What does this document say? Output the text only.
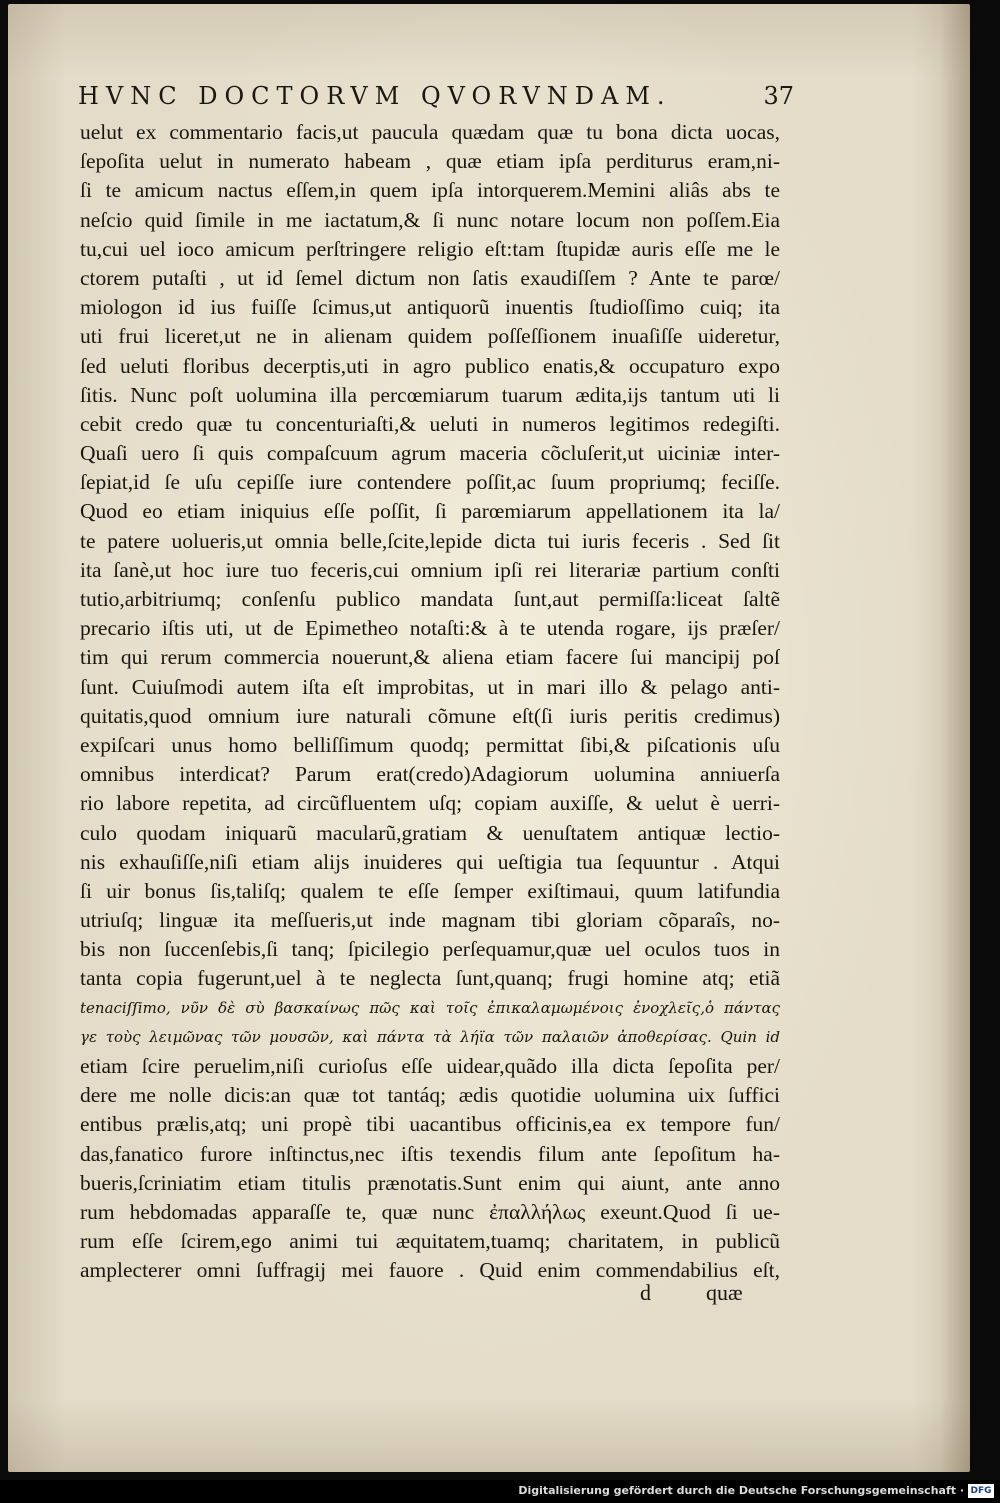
HVNC DOCTORVM QVORVNDAM.	37
uelut ex commentario facis,ut paucula quædam quæ tu bona dicta uocas,
ſepoſita uelut in numerato habeam , quæ etiam ipſa perditurus eram,ni-
ſi te amicum nactus eſſem,in quem ipſa intorquerem.Memini aliâs abs te
neſcio quid ſimile in me iactatum,& ſi nunc notare locum non poſſem.Eia
tu,cui uel ioco amicum perſtringere religio eſt:tam ſtupidæ auris eſſe me le
ctorem putaſti , ut id ſemel dictum non ſatis exaudiſſem ? Ante te parœ/
miologon id ius fuiſſe ſcimus,ut antiquorũ inuentis ſtudioſſimo cuiq; ita
uti frui liceret,ut ne in alienam quidem poſſeſſionem inuaſiſſe uideretur,
ſed ueluti floribus decerptis,uti in agro publico enatis,& occupaturo expo
ſitis. Nunc poſt uolumina illa percœmiarum tuarum ædita,ijs tantum uti li
cebit credo quæ tu concenturiaſti,& ueluti in numeros legitimos redegiſti.
Quaſi uero ſi quis compaſcuum agrum maceria cõcluſerit,ut uiciniæ inter-
ſepiat,id ſe uſu cepiſſe iure contendere poſſit,ac ſuum propriumq; feciſſe.
Quod eo etiam iniquius eſſe poſſit, ſi parœmiarum appellationem ita la/
te patere uolueris,ut omnia belle,ſcite,lepide dicta tui iuris feceris . Sed ſit
ita ſanè,ut hoc iure tuo feceris,cui omnium ipſi rei literariæ partium conſti
tutio,arbitriumq; conſenſu publico mandata ſunt,aut permiſſa:liceat ſaltẽ
precario iſtis uti, ut de Epimetheo notaſti:& à te utenda rogare, ijs præſer/
tim qui rerum commercia nouerunt,& aliena etiam facere ſui mancipij poſ
ſunt. Cuiuſmodi autem iſta eſt improbitas, ut in mari illo & pelago anti-
quitatis,quod omnium iure naturali cõmune eſt(ſi iuris peritis credimus)
expiſcari unus homo belliſſimum quodq; permittat ſibi,& piſcationis uſu
omnibus interdicat? Parum erat(credo)Adagiorum uolumina anniuerſa
rio labore repetita, ad circũfluentem uſq; copiam auxiſſe, & uelut è uerri-
culo quodam iniquarũ macularũ,gratiam & uenuſtatem antiquæ lectio-
nis exhauſiſſe,niſi etiam alijs inuideres qui ueſtigia tua ſequuntur . Atqui
ſi uir bonus ſis,taliſq; qualem te eſſe ſemper exiſtimaui, quum latifundia
utriuſq; linguæ ita meſſueris,ut inde magnam tibi gloriam cõparaîs, no-
bis non ſuccenſebis,ſi tanq; ſpicilegio perſequamur,quæ uel oculos tuos in
tanta copia fugerunt,uel à te neglecta ſunt,quanq; frugi homine atq; etiã
tenaciſſimo, νῦν δὲ σὺ βασκαίνως πῶς καὶ τοῖς ἐπικαλαμωμένοις ἐνοχλεῖς,ὁ πάντας
γε τοὺς λειμῶνας τῶν μουσῶν, καὶ πάντα τὰ λήϊα τῶν παλαιῶν ἀποθερίσας. Quin id
etiam ſcire peruelim,niſi curioſus eſſe uidear,quãdo illa dicta ſepoſita per/
dere me nolle dicis:an quæ tot tantáq; ædis quotidie uolumina uix ſuffici
entibus prælis,atq; uni propè tibi uacantibus officinis,ea ex tempore fun/
das,fanatico furore inſtinctus,nec iſtis texendis filum ante ſepoſitum ha-
bueris,ſcriniatim etiam titulis prænotatis.Sunt enim qui aiunt, ante anno
rum hebdomadas apparaſſe te, quæ nunc ἐπαλλήλως exeunt.Quod ſi ue-
rum eſſe ſcirem,ego animi tui æquitatem,tuamq; charitatem, in publicũ
amplecterer omni ſuffragij mei fauore . Quid enim commendabilius eſt,
d	quæ
Digitalisierung gefördert durch die Deutsche Forschungsgemeinschaft · DFG
